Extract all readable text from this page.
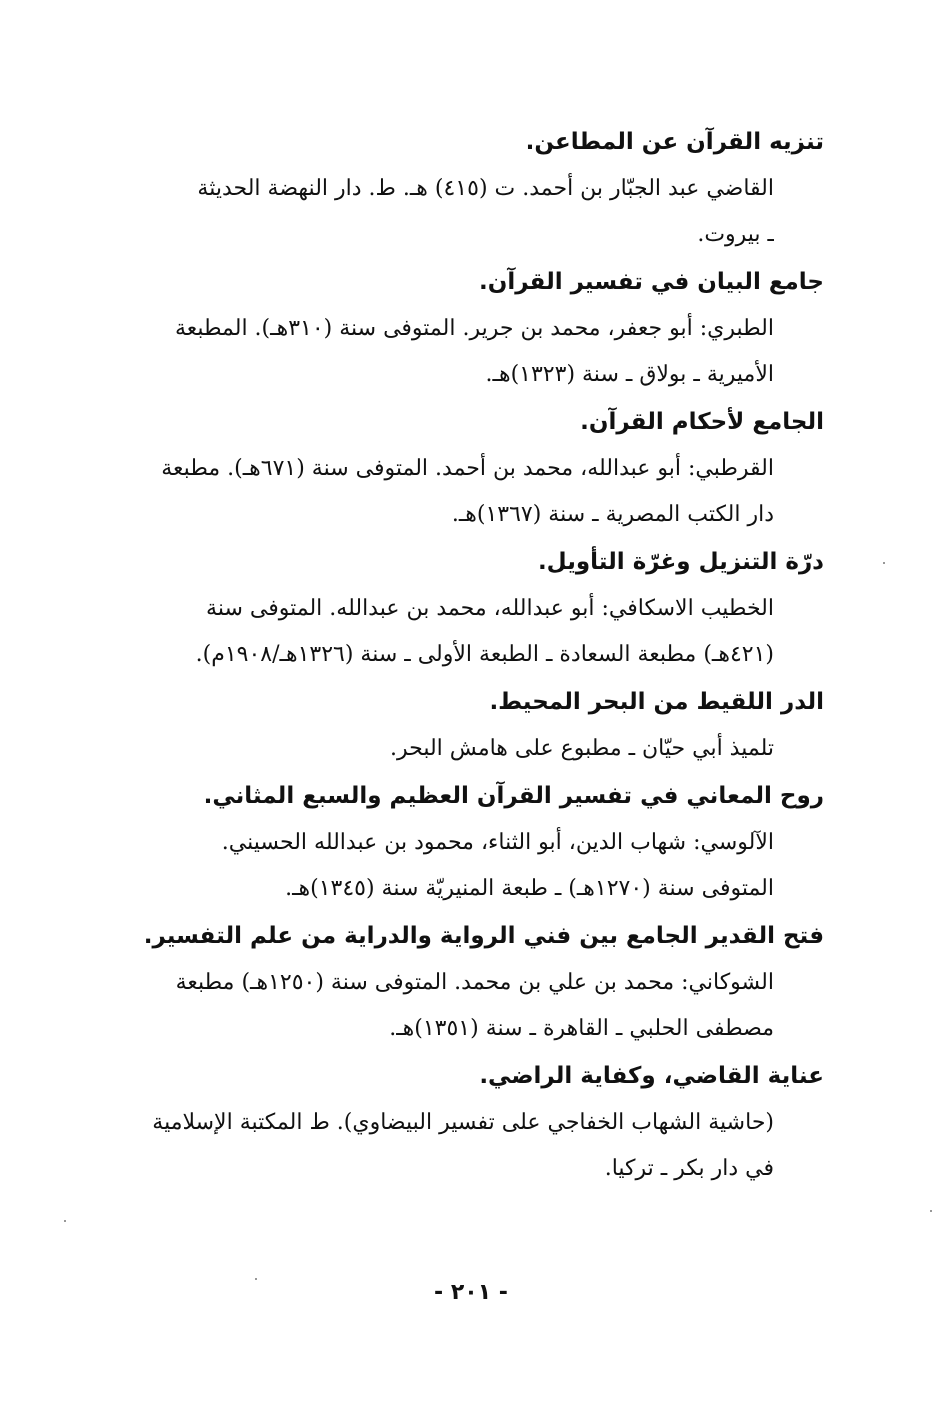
تنزيه القرآن عن المطاعن.
القاضي عبد الجبّار بن أحمد. ت (٤١٥) هـ. ط. دار النهضة الحديثة
ـ بيروت.
جامع البيان في تفسير القرآن.
الطبري: أبو جعفر، محمد بن جرير. المتوفى سنة (٣١٠هـ). المطبعة
الأميرية ـ بولاق ـ سنة (١٣٢٣)هـ.
الجامع لأحكام القرآن.
القرطبي: أبو عبدالله، محمد بن أحمد. المتوفى سنة (٦٧١هـ). مطبعة
دار الكتب المصرية ـ سنة (١٣٦٧)هـ.
درّة التنزيل وغرّة التأويل.
الخطيب الاسكافي: أبو عبدالله، محمد بن عبدالله. المتوفى سنة
(٤٢١هـ) مطبعة السعادة ـ الطبعة الأولى ـ سنة (١٣٢٦هـ/١٩٠٨م).
الدر اللقيط من البحر المحيط.
تلميذ أبي حيّان ـ مطبوع على هامش البحر.
روح المعاني في تفسير القرآن العظيم والسبع المثاني.
الآلوسي: شهاب الدين، أبو الثناء، محمود بن عبدالله الحسيني.
المتوفى سنة (١٢٧٠هـ) ـ طبعة المنيريّة سنة (١٣٤٥)هـ.
فتح القدير الجامع بين فني الرواية والدراية من علم التفسير.
الشوكاني: محمد بن علي بن محمد. المتوفى سنة (١٢٥٠هـ) مطبعة
مصطفى الحلبي ـ القاهرة ـ سنة (١٣٥١)هـ.
عناية القاضي، وكفاية الراضي.
(حاشية الشهاب الخفاجي على تفسير البيضاوي). ط المكتبة الإسلامية
في دار بكر ـ تركيا.
- ٢٠١ -
